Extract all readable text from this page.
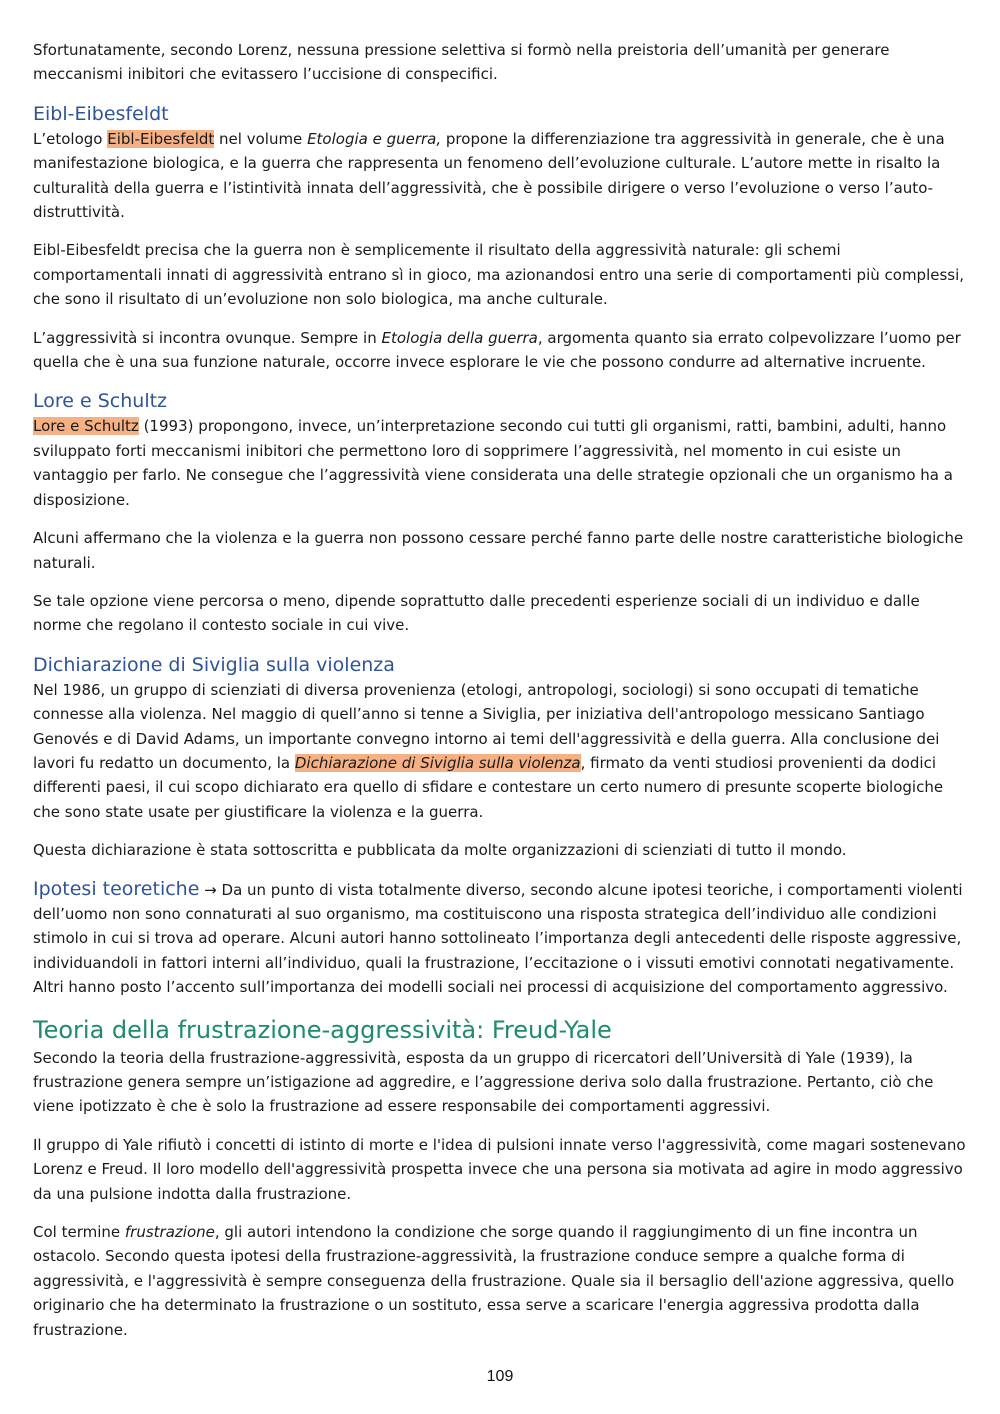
Sfortunatamente, secondo Lorenz, nessuna pressione selettiva si formò nella preistoria dell’umanità per generare meccanismi inibitori che evitassero l’uccisione di conspecifici.

Eibl-Eibesfeldt

L’etologo Eibl-Eibesfeldt nel volume Etologia e guerra, propone la differenziazione tra aggressività in generale, che è una manifestazione biologica, e la guerra che rappresenta un fenomeno dell’evoluzione culturale. L’autore mette in risalto la culturalità della guerra e l’istintività innata dell’aggressività, che è possibile dirigere o verso l’evoluzione o verso l’auto-distruttività.

Eibl-Eibesfeldt precisa che la guerra non è semplicemente il risultato della aggressività naturale: gli schemi comportamentali innati di aggressività entrano sì in gioco, ma azionandosi entro una serie di comportamenti più complessi, che sono il risultato di un’evoluzione non solo biologica, ma anche culturale.

L’aggressività si incontra ovunque. Sempre in Etologia della guerra, argomenta quanto sia errato colpevolizzare l’uomo per quella che è una sua funzione naturale, occorre invece esplorare le vie che possono condurre ad alternative incruente.

Lore e Schultz

Lore e Schultz (1993) propongono, invece, un’interpretazione secondo cui tutti gli organismi, ratti, bambini, adulti, hanno sviluppato forti meccanismi inibitori che permettono loro di sopprimere l’aggressività, nel momento in cui esiste un vantaggio per farlo. Ne consegue che l’aggressività viene considerata una delle strategie opzionali che un organismo ha a disposizione.

Alcuni affermano che la violenza e la guerra non possono cessare perché fanno parte delle nostre caratteristiche biologiche naturali.

Se tale opzione viene percorsa o meno, dipende soprattutto dalle precedenti esperienze sociali di un individuo e dalle norme che regolano il contesto sociale in cui vive.

Dichiarazione di Siviglia sulla violenza

Nel 1986, un gruppo di scienziati di diversa provenienza (etologi, antropologi, sociologi) si sono occupati di tematiche connesse alla violenza. Nel maggio di quell’anno si tenne a Siviglia, per iniziativa dell'antropologo messicano Santiago Genovés e di David Adams, un importante convegno intorno ai temi dell'aggressività e della guerra. Alla conclusione dei lavori fu redatto un documento, la Dichiarazione di Siviglia sulla violenza, firmato da venti studiosi provenienti da dodici differenti paesi, il cui scopo dichiarato era quello di sfidare e contestare un certo numero di presunte scoperte biologiche che sono state usate per giustificare la violenza e la guerra.

Questa dichiarazione è stata sottoscritta e pubblicata da molte organizzazioni di scienziati di tutto il mondo.

Ipotesi teoretiche → Da un punto di vista totalmente diverso, secondo alcune ipotesi teoriche, i comportamenti violenti dell’uomo non sono connaturati al suo organismo, ma costituiscono una risposta strategica dell’individuo alle condizioni stimolo in cui si trova ad operare. Alcuni autori hanno sottolineato l’importanza degli antecedenti delle risposte aggressive, individuandoli in fattori interni all’individuo, quali la frustrazione, l’eccitazione o i vissuti emotivi connotati negativamente. Altri hanno posto l’accento sull’importanza dei modelli sociali nei processi di acquisizione del comportamento aggressivo.

Teoria della frustrazione-aggressività: Freud-Yale

Secondo la teoria della frustrazione-aggressività, esposta da un gruppo di ricercatori dell’Università di Yale (1939), la frustrazione genera sempre un’istigazione ad aggredire, e l’aggressione deriva solo dalla frustrazione. Pertanto, ciò che viene ipotizzato è che è solo la frustrazione ad essere responsabile dei comportamenti aggressivi.

Il gruppo di Yale rifiutò i concetti di istinto di morte e l'idea di pulsioni innate verso l'aggressività, come magari sostenevano Lorenz e Freud. Il loro modello dell'aggressività prospetta invece che una persona sia motivata ad agire in modo aggressivo da una pulsione indotta dalla frustrazione.

Col termine frustrazione, gli autori intendono la condizione che sorge quando il raggiungimento di un fine incontra un ostacolo. Secondo questa ipotesi della frustrazione-aggressività, la frustrazione conduce sempre a qualche forma di aggressività, e l'aggressività è sempre conseguenza della frustrazione. Quale sia il bersaglio dell'azione aggressiva, quello originario che ha determinato la frustrazione o un sostituto, essa serve a scaricare l'energia aggressiva prodotta dalla frustrazione.

109
